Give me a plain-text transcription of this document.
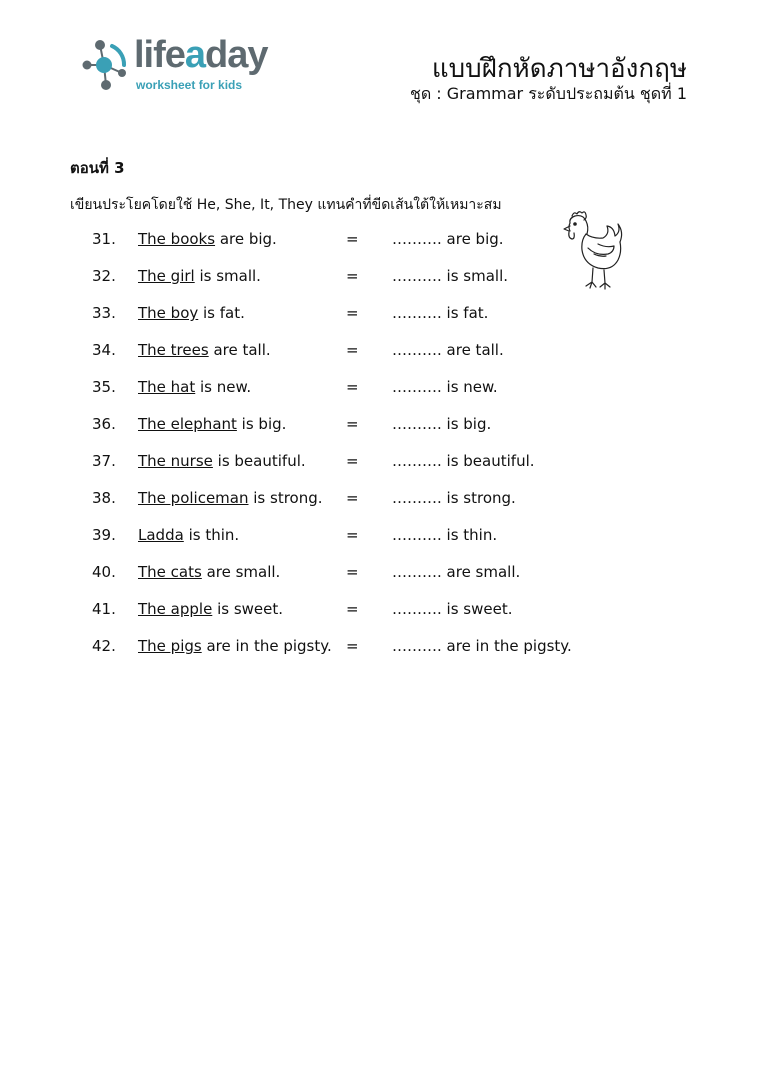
lifeaday
worksheet for kids
แบบฝึกหัดภาษาอังกฤษ
ชุด : Grammar ระดับประถมต้น ชุดที่ 1
ตอนที่ 3
เขียนประโยคโดยใช้ He, She, It, They แทนคำที่ขีดเส้นใต้ให้เหมาะสม
31. The books are big.	= ………. are big.
32. The girl is small.	= ………. is small.
33. The boy is fat.	= ………. is fat.
34. The trees are tall.	= ………. are tall.
35. The hat is new.	= ………. is new.
36. The elephant is big.	= ………. is big.
37. The nurse is beautiful.	= ………. is beautiful.
38. The policeman is strong. = ………. is strong.
39. Ladda is thin.	= ………. is thin.
40. The cats are small.	= ………. are small.
41. The apple is sweet.	= ………. is sweet.
42. The pigs are in the pigsty. = ………. are in the pigsty.
